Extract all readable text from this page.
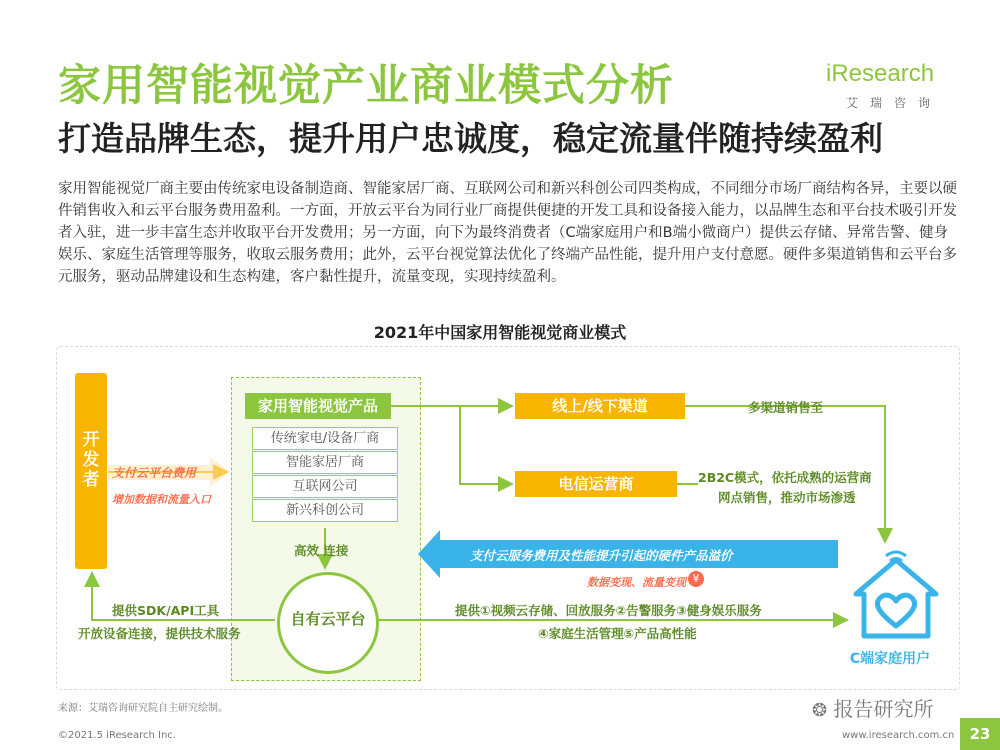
家用智能视觉产业商业模式分析
打造品牌生态，提升用户忠诚度，稳定流量伴随持续盈利
iResearch
艾瑞咨询
家用智能视觉厂商主要由传统家电设备制造商、智能家居厂商、互联网公司和新兴科创公司四类构成，不同细分市场厂商结构各异，主要以硬件销售收入和云平台服务费用盈利。一方面，开放云平台为同行业厂商提供便捷的开发工具和设备接入能力，以品牌生态和平台技术吸引开发者入驻，进一步丰富生态并收取平台开发费用；另一方面，向下为最终消费者（C端家庭用户和B端小微商户）提供云存储、异常告警、健身娱乐、家庭生活管理等服务，收取云服务费用；此外，云平台视觉算法优化了终端产品性能，提升用户支付意愿。硬件多渠道销售和云平台多元服务，驱动品牌建设和生态构建，客户黏性提升，流量变现，实现持续盈利。
2021年中国家用智能视觉商业模式
开发者 支付云平台费用
增加数据和流量入口
家用智能视觉产品
传统家电/设备厂商
智能家居厂商
互联网公司
新兴科创公司
高效 连接
线上/线下渠道
电信运营商
多渠道销售至
2B2C模式，依托成熟的运营商
网点销售，推动市场渗透
支付云服务费用及性能提升引起的硬件产品溢价
数据变现、流量变现 ¥
自有云平台
提供SDK/API工具
开放设备连接，提供技术服务
提供①视频云存储、回放服务②告警服务③健身娱乐服务
④家庭生活管理⑤产品高性能
C端家庭用户
来源：艾瑞咨询研究院自主研究绘制。
©2021.5 iResearch Inc.	www.iresearch.com.cn
❂ 报告研究所
23
